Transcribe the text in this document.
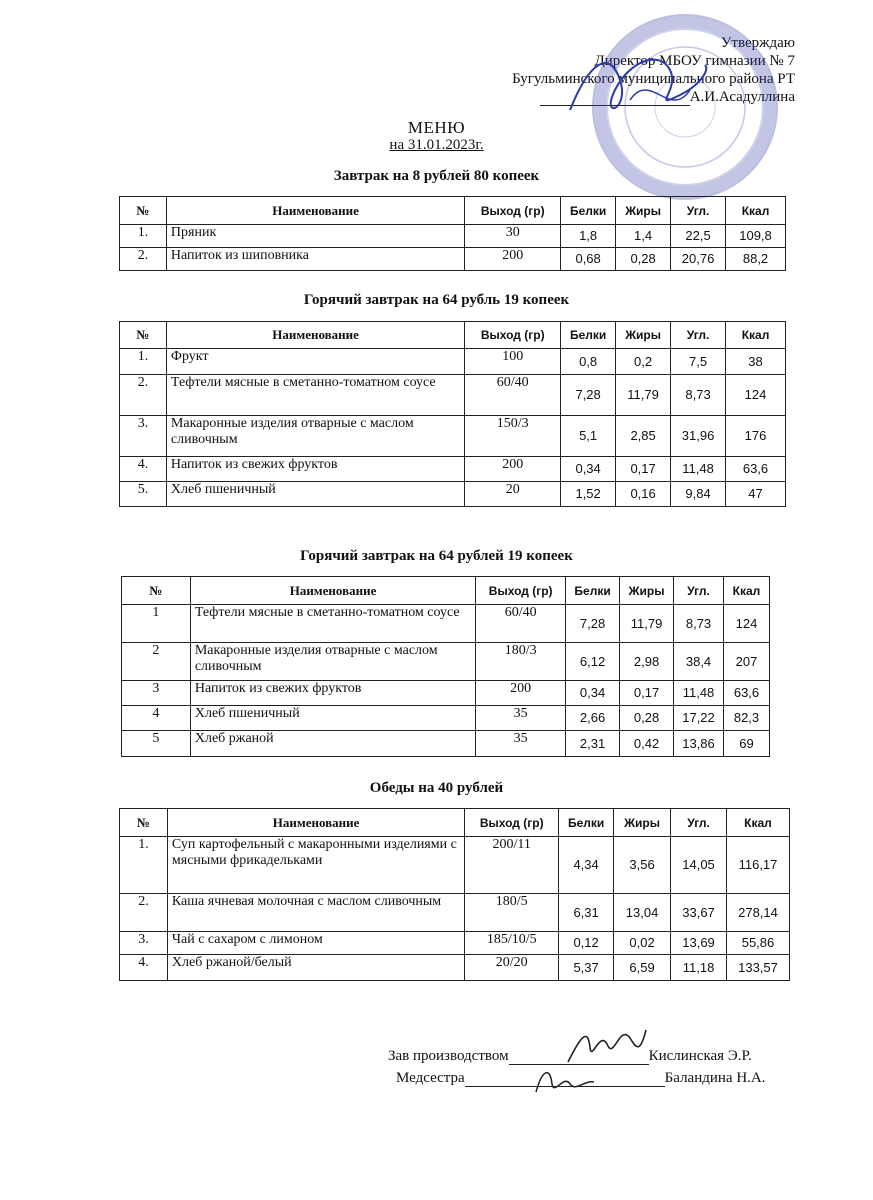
Утверждаю
Директор МБОУ гимназии № 7
Бугульминского муниципального района РТ
А.И.Асадуллина
МЕНЮ
на 31.01.2023г.
Завтрак на 8 рублей 80 копеек
№	Наименование	Выход (гр)	Белки	Жиры	Угл.	Ккал
1.	Пряник	30	1,8	1,4	22,5	109,8
2.	Напиток из шиповника	200	0,68	0,28	20,76	88,2
Горячий завтрак на 64 рубль 19 копеек
№	Наименование	Выход (гр)	Белки	Жиры	Угл.	Ккал
1.	Фрукт	100	0,8	0,2	7,5	38
2.	Тефтели мясные в сметанно-томатном соусе	60/40	7,28	11,79	8,73	124
3.	Макаронные изделия отварные с маслом сливочным	150/3	5,1	2,85	31,96	176
4.	Напиток из свежих фруктов	200	0,34	0,17	11,48	63,6
5.	Хлеб пшеничный	20	1,52	0,16	9,84	47
Горячий завтрак на 64 рублей 19 копеек
№	Наименование	Выход (гр)	Белки	Жиры	Угл.	Ккал
1	Тефтели мясные в сметанно-томатном соусе	60/40	7,28	11,79	8,73	124
2	Макаронные изделия отварные с маслом сливочным	180/3	6,12	2,98	38,4	207
3	Напиток из свежих фруктов	200	0,34	0,17	11,48	63,6
4	Хлеб пшеничный	35	2,66	0,28	17,22	82,3
5	Хлеб ржаной	35	2,31	0,42	13,86	69
Обеды на 40 рублей
№	Наименование	Выход (гр)	Белки	Жиры	Угл.	Ккал
1.	Суп картофельный с макаронными изделиями с мясными фрикадельками	200/11	4,34	3,56	14,05	116,17
2.	Каша ячневая молочная с маслом сливочным	180/5	6,31	13,04	33,67	278,14
3.	Чай с сахаром с лимоном	185/10/5	0,12	0,02	13,69	55,86
4.	Хлеб ржаной/белый	20/20	5,37	6,59	11,18	133,57
Зав производством	Кислинская Э.Р.
Медсестра	Баландина Н.А.
